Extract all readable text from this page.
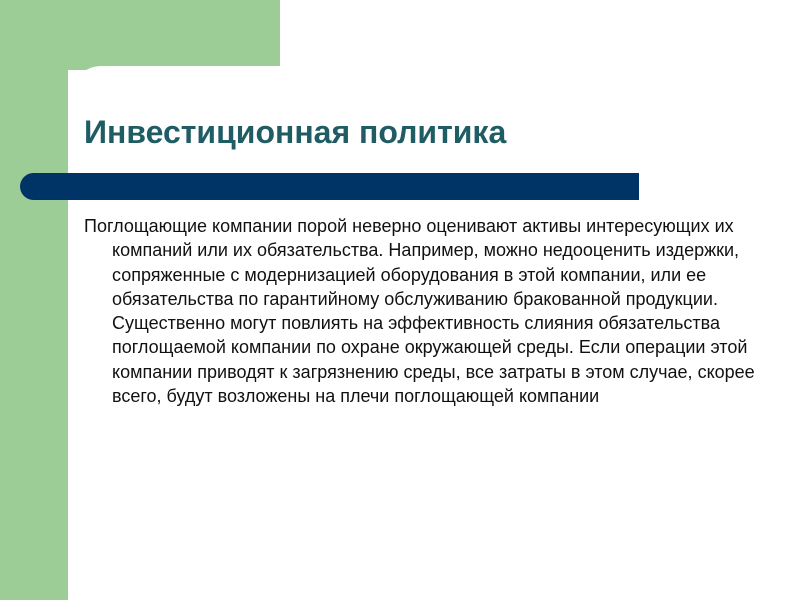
Инвестиционная политика

Поглощающие компании порой неверно оценивают активы интересующих их компаний или их обязательства. Например, можно недооценить издержки, сопряженные с модернизацией оборудования в этой компании, или ее обязательства по гарантийному обслуживанию бракованной продукции. Существенно могут повлиять на эффективность слияния обязательства поглощаемой компании по охране окружающей среды. Если операции этой компании приводят к загрязнению среды, все затраты в этом случае, скорее всего, будут возложены на плечи поглощающей компании
